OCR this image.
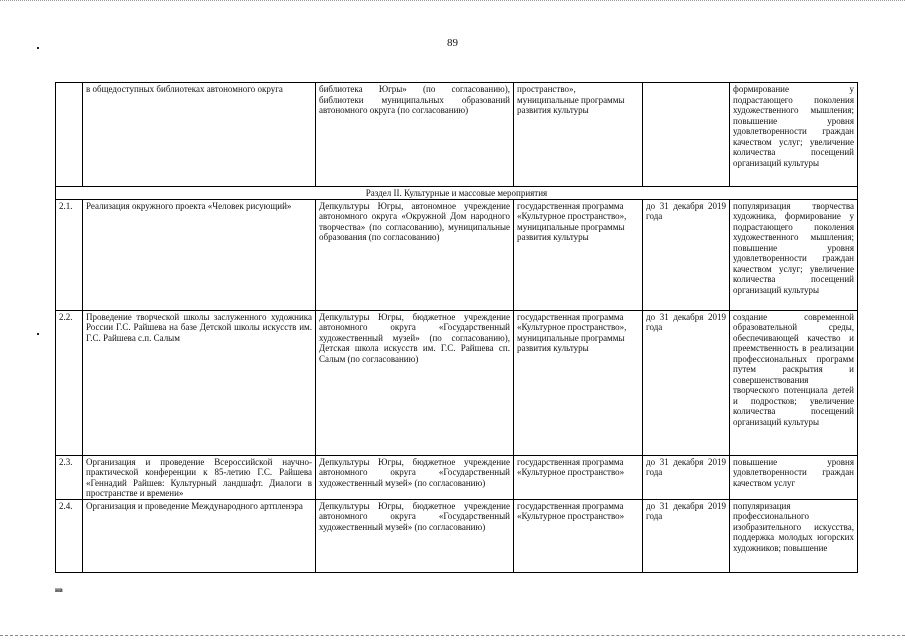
89
	в общедоступных библиотеках автономного округа	библиотека Югры» (по согласованию), библиотеки муниципальных образований автономного округа (по согласованию)	пространство», муниципальные программы развития культуры		формирование у подрастающего поколения художественного мышления; повышение уровня удовлетворенности граждан качеством услуг; увеличение количества посещений организаций культуры
Раздел II. Культурные и массовые мероприятия					
2.1.	Реализация окружного проекта «Человек рисующий»	Депкультуры Югры, автономное учреждение автономного округа «Окружной Дом народного творчества» (по согласованию), муниципальные образования (по согласованию)	государственная программа «Культурное пространство», муниципальные программы развития культуры	до 31 декабря 2019 года	популяризация творчества художника, формирование у подрастающего поколения художественного мышления; повышение уровня удовлетворенности граждан качеством услуг; увеличение количества посещений организаций культуры
2.2.	Проведение творческой школы заслуженного художника России Г.С. Райшева на базе Детской школы искусств им. Г.С. Райшева с.п. Салым	Депкультуры Югры, бюджетное учреждение автономного округа «Государственный художественный музей» (по согласованию), Детская школа искусств им. Г.С. Райшева сп. Салым (по согласованию)	государственная программа «Культурное пространство», муниципальные программы развития культуры	до 31 декабря 2019 года	создание современной образовательной среды, обеспечивающей качество и преемственность в реализации профессиональных программ путем раскрытия и совершенствования творческого потенциала детей и подростков; увеличение количества посещений организаций культуры
2.3.	Организация и проведение Всероссийской научно-практической конференции к 85-летию Г.С. Райшева «Геннадий Райшев: Культурный ландшафт. Диалоги в пространстве и времени»	Депкультуры Югры, бюджетное учреждение автономного округа «Государственный художественный музей» (по согласованию)	государственная программа «Культурное пространство»	до 31 декабря 2019 года	повышение уровня удовлетворенности граждан качеством услуг
2.4.	Организация и проведение Международного артпленэра	Депкультуры Югры, бюджетное учреждение автономного округа «Государственный художественный музей» (по согласованию)	государственная программа «Культурное пространство»	до 31 декабря 2019 года	популяризация профессионального изобразительного искусства, поддержка молодых югорских художников; повышение
нв
